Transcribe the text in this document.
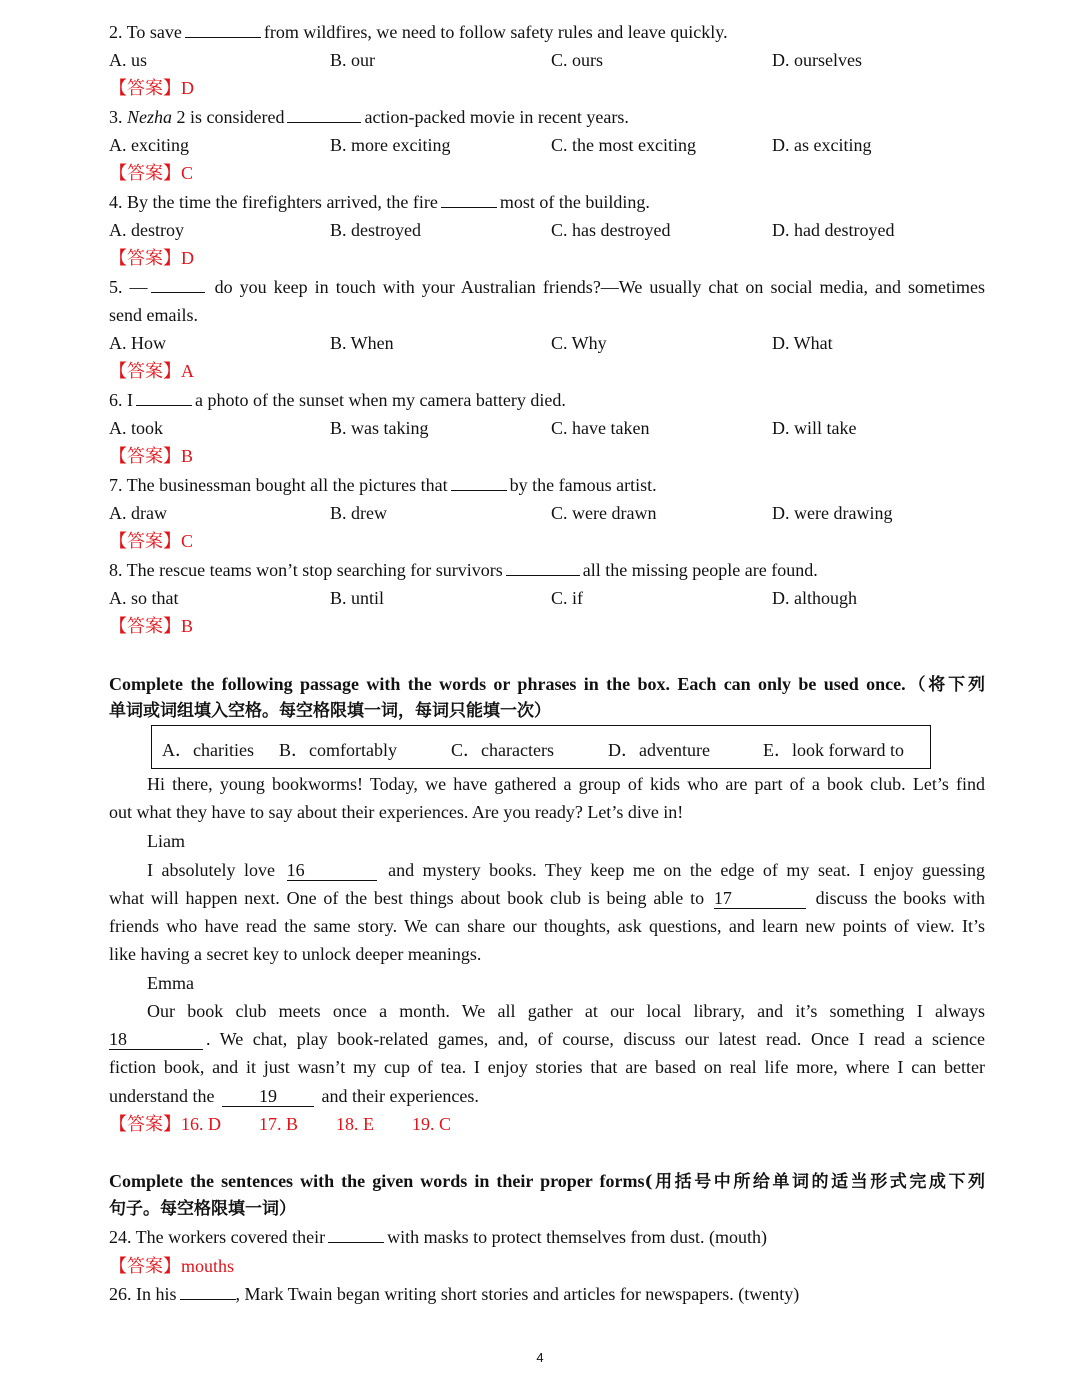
2. To save	from wildfires, we need to follow safety rules and leave quickly.
A. us	B. our	C. ours	D. ourselves
【答案】D
3. Nezha 2 is considered	action-packed movie in recent years.
A. exciting	B. more exciting	C. the most exciting	D. as exciting
【答案】C
4. By the time the firefighters arrived, the fire	most of the building.
A. destroy	B. destroyed	C. has destroyed	D. had destroyed
【答案】D
5. —	do you keep in touch with your Australian friends?—We usually chat on social media, and sometimes
send emails.
A. How	B. When	C. Why	D. What
【答案】A
6. I	a photo of the sunset when my camera battery died.
A. took	B. was taking	C. have taken	D. will take
【答案】B
7. The businessman bought all the pictures that	by the famous artist.
A. draw	B. drew	C. were drawn	D. were drawing
【答案】C
8. The rescue teams won’t stop searching for survivors	all the missing people are found.
A. so that	B. until	C. if	D. although
【答案】B
Complete the following passage with the words or phrases in the box. Each can only be used once.（将下列
单词或词组填入空格。每空格限填一词，每词只能填一次）
A．charities B．comfortably	C．characters	D．adventure	E．look forward to
Hi there, young bookworms! Today, we have gathered a group of kids who are part of a book club. Let’s find
out what they have to say about their experiences. Are you ready? Let’s dive in!
Liam
I absolutely love 16	and mystery books. They keep me on the edge of my seat. I enjoy guessing
what will happen next. One of the best things about book club is being able to 17	discuss the books with
friends who have read the same story. We can share our thoughts, ask questions, and learn new points of view. It’s
like having a secret key to unlock deeper meanings.
Emma
Our book club meets once a month. We all gather at our local library, and it’s something I always
18	. We chat, play book-related games, and, of course, discuss our latest read. Once I read a science
fiction book, and it just wasn’t my cup of tea. I enjoy stories that are based on real life more, where I can better
understand the 19 and their experiences.
【答案】16. D 17. B 18. E 19. C
Complete the sentences with the given words in their proper forms(用括号中所给单词的适当形式完成下列
句子。每空格限填一词）
24. The workers covered their	with masks to protect themselves from dust. (mouth)
【答案】mouths
26. In his	, Mark Twain began writing short stories and articles for newspapers. (twenty)
4
